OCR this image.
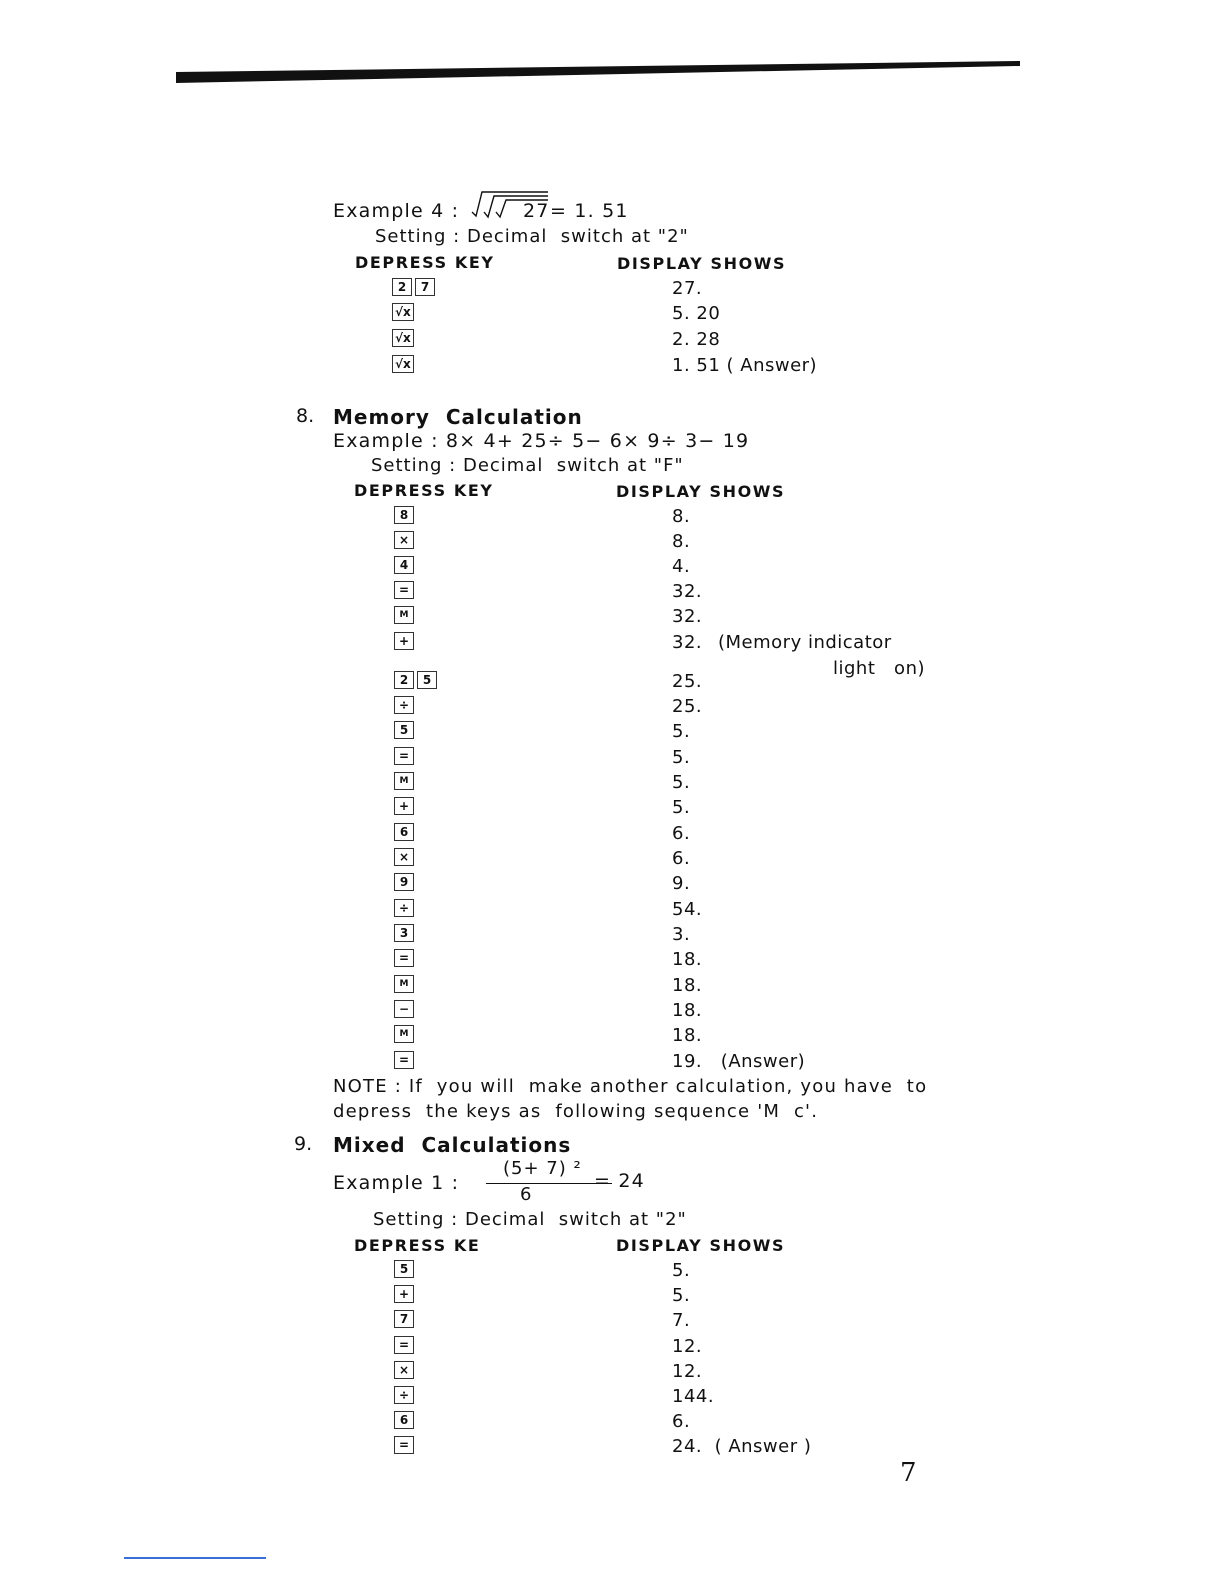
Example 4 :	27 = 1. 51
Setting : Decimal  switch at "2"
DEPRESS KEY	DISPLAY SHOWS
2	7	27.
√x	5. 20
√x	2. 28
√x	1. 51 ( Answer)
8. Memory  Calculation
Example : 8× 4+ 25÷ 5− 6× 9÷ 3− 19
Setting : Decimal  switch at "F"
DEPRESS KEY	DISPLAY SHOWS
8	8.
×	8.
4	4.
=	32.
M	32.
+	32.
2	5	25.
÷	25.
5	5.
=	5.
M	5.
+	5.
6	6.
×	6.
9	9.
÷	54.
3	3.
=	18.
M	18.
−	18.
M	18.
=	19.   (Answer)
(Memory indicator
light   on)
NOTE : If  you will  make another calculation, you have  to
depress  the keys as  following sequence 'M  c'.
9. Mixed  Calculations
Example 1 :
(5+ 7) ²
6
= 24
Setting : Decimal  switch at "2"
DEPRESS KE	DISPLAY SHOWS
5	5.
+	5.
7	7.
=	12.
×	12.
÷	144.
6	6.
=	24.  ( Answer )
7
